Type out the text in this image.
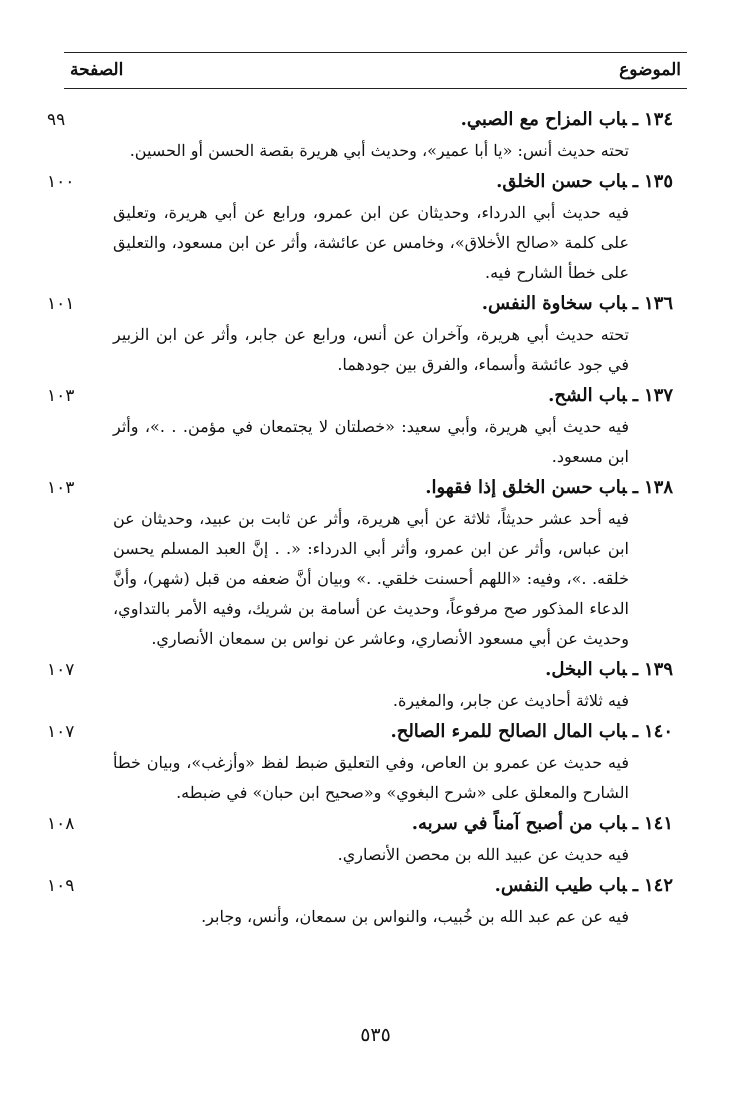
الموضوع
الصفحة
١٣٤ـباب المزاح مع الصبي.
٩٩
تحته حديث أنس: «يا أبا عمير»، وحديث أبي هريرة بقصة الحسن أو الحسين.
١٣٥ـباب حسن الخلق.
١٠٠
فيه حديث أبي الدرداء، وحديثان عن ابن عمرو، ورابع عن أبي هريرة، وتعليق على كلمة «صالح الأخلاق»، وخامس عن عائشة، وأثر عن ابن مسعود، والتعليق على خطأ الشارح فيه.
١٣٦ـباب سخاوة النفس.
١٠١
تحته حديث أبي هريرة، وآخران عن أنس، ورابع عن جابر، وأثر عن ابن الزبير في جود عائشة وأسماء، والفرق بين جودهما.
١٣٧ـباب الشح.
١٠٣
فيه حديث أبي هريرة، وأبي سعيد: «خصلتان لا يجتمعان في مؤمن. . .»، وأثر ابن مسعود.
١٣٨ـباب حسن الخلق إذا فقهوا.
١٠٣
فيه أحد عشر حديثاً، ثلاثة عن أبي هريرة، وأثر عن ثابت بن عبيد، وحديثان عن ابن عباس، وأثر عن ابن عمرو، وأثر أبي الدرداء: «. . إنَّ العبد المسلم يحسن خلقه. .»، وفيه: «اللهم أحسنت خلقي. .» وبيان أنَّ ضعفه من قبل (شهر)، وأنَّ الدعاء المذكور صح مرفوعاً، وحديث عن أسامة بن شريك، وفيه الأمر بالتداوي، وحديث عن أبي مسعود الأنصاري، وعاشر عن نواس بن سمعان الأنصاري.
١٣٩ـباب البخل.
١٠٧
فيه ثلاثة أحاديث عن جابر، والمغيرة.
١٤٠ـباب المال الصالح للمرء الصالح.
١٠٧
فيه حديث عن عمرو بن العاص، وفي التعليق ضبط لفظ «وأزغب»، وبيان خطأ الشارح والمعلق على «شرح البغوي» و«صحيح ابن حبان» في ضبطه.
١٤١ـباب من أصبح آمناً في سربه.
١٠٨
فيه حديث عن عبيد الله بن محصن الأنصاري.
١٤٢ـباب طيب النفس.
١٠٩
فيه عن عم عبد الله بن خُبيب، والنواس بن سمعان، وأنس، وجابر.
٥٣٥
